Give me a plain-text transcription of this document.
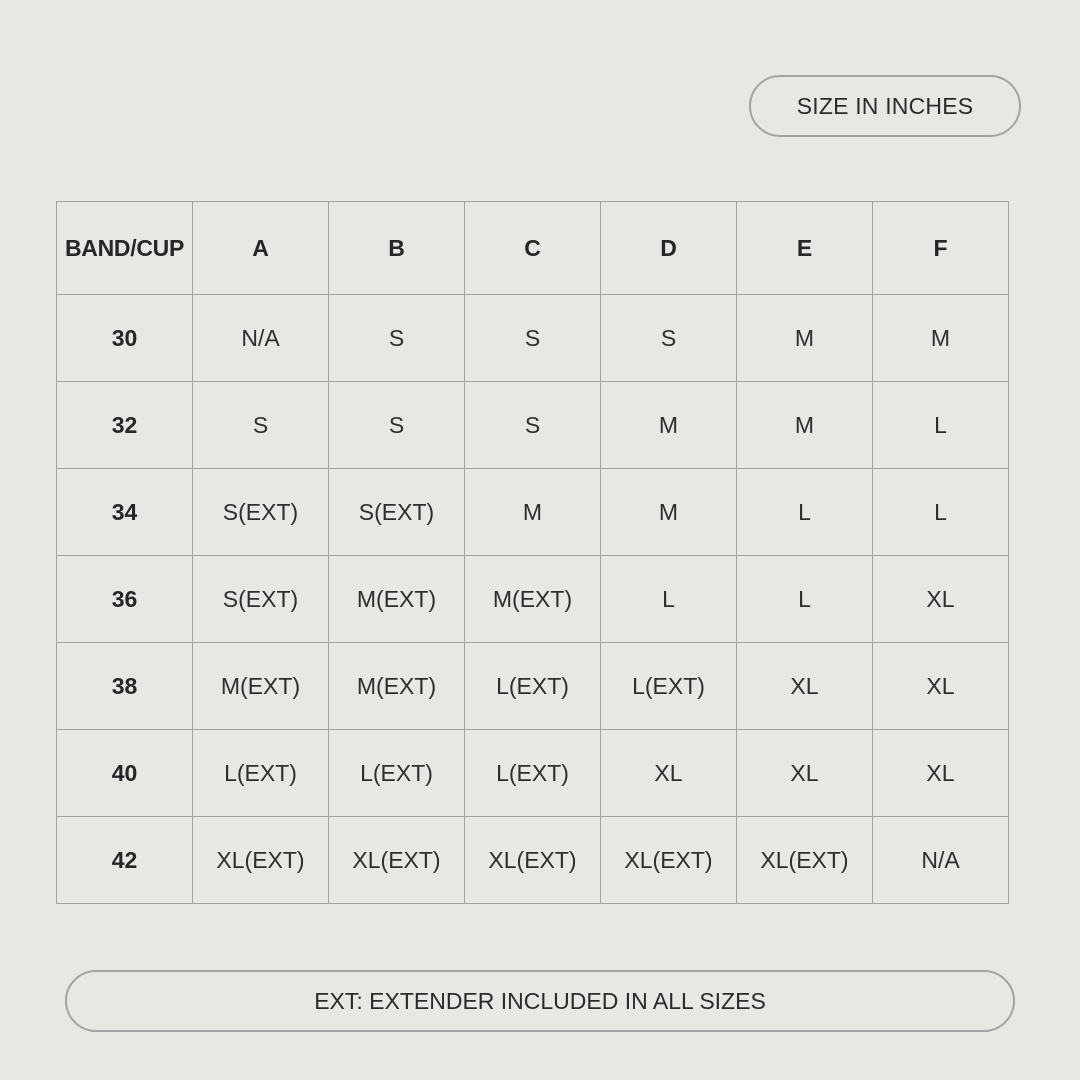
SIZE IN INCHES
BAND/CUP	A	B	C	D	E	F
30	N/A	S	S	S	M	M
32	S	S	S	M	M	L
34	S(EXT)	S(EXT)	M	M	L	L
36	S(EXT)	M(EXT)	M(EXT)	L	L	XL
38	M(EXT)	M(EXT)	L(EXT)	L(EXT)	XL	XL
40	L(EXT)	L(EXT)	L(EXT)	XL	XL	XL
42	XL(EXT)	XL(EXT)	XL(EXT)	XL(EXT)	XL(EXT)	N/A
EXT: EXTENDER INCLUDED IN ALL SIZES
